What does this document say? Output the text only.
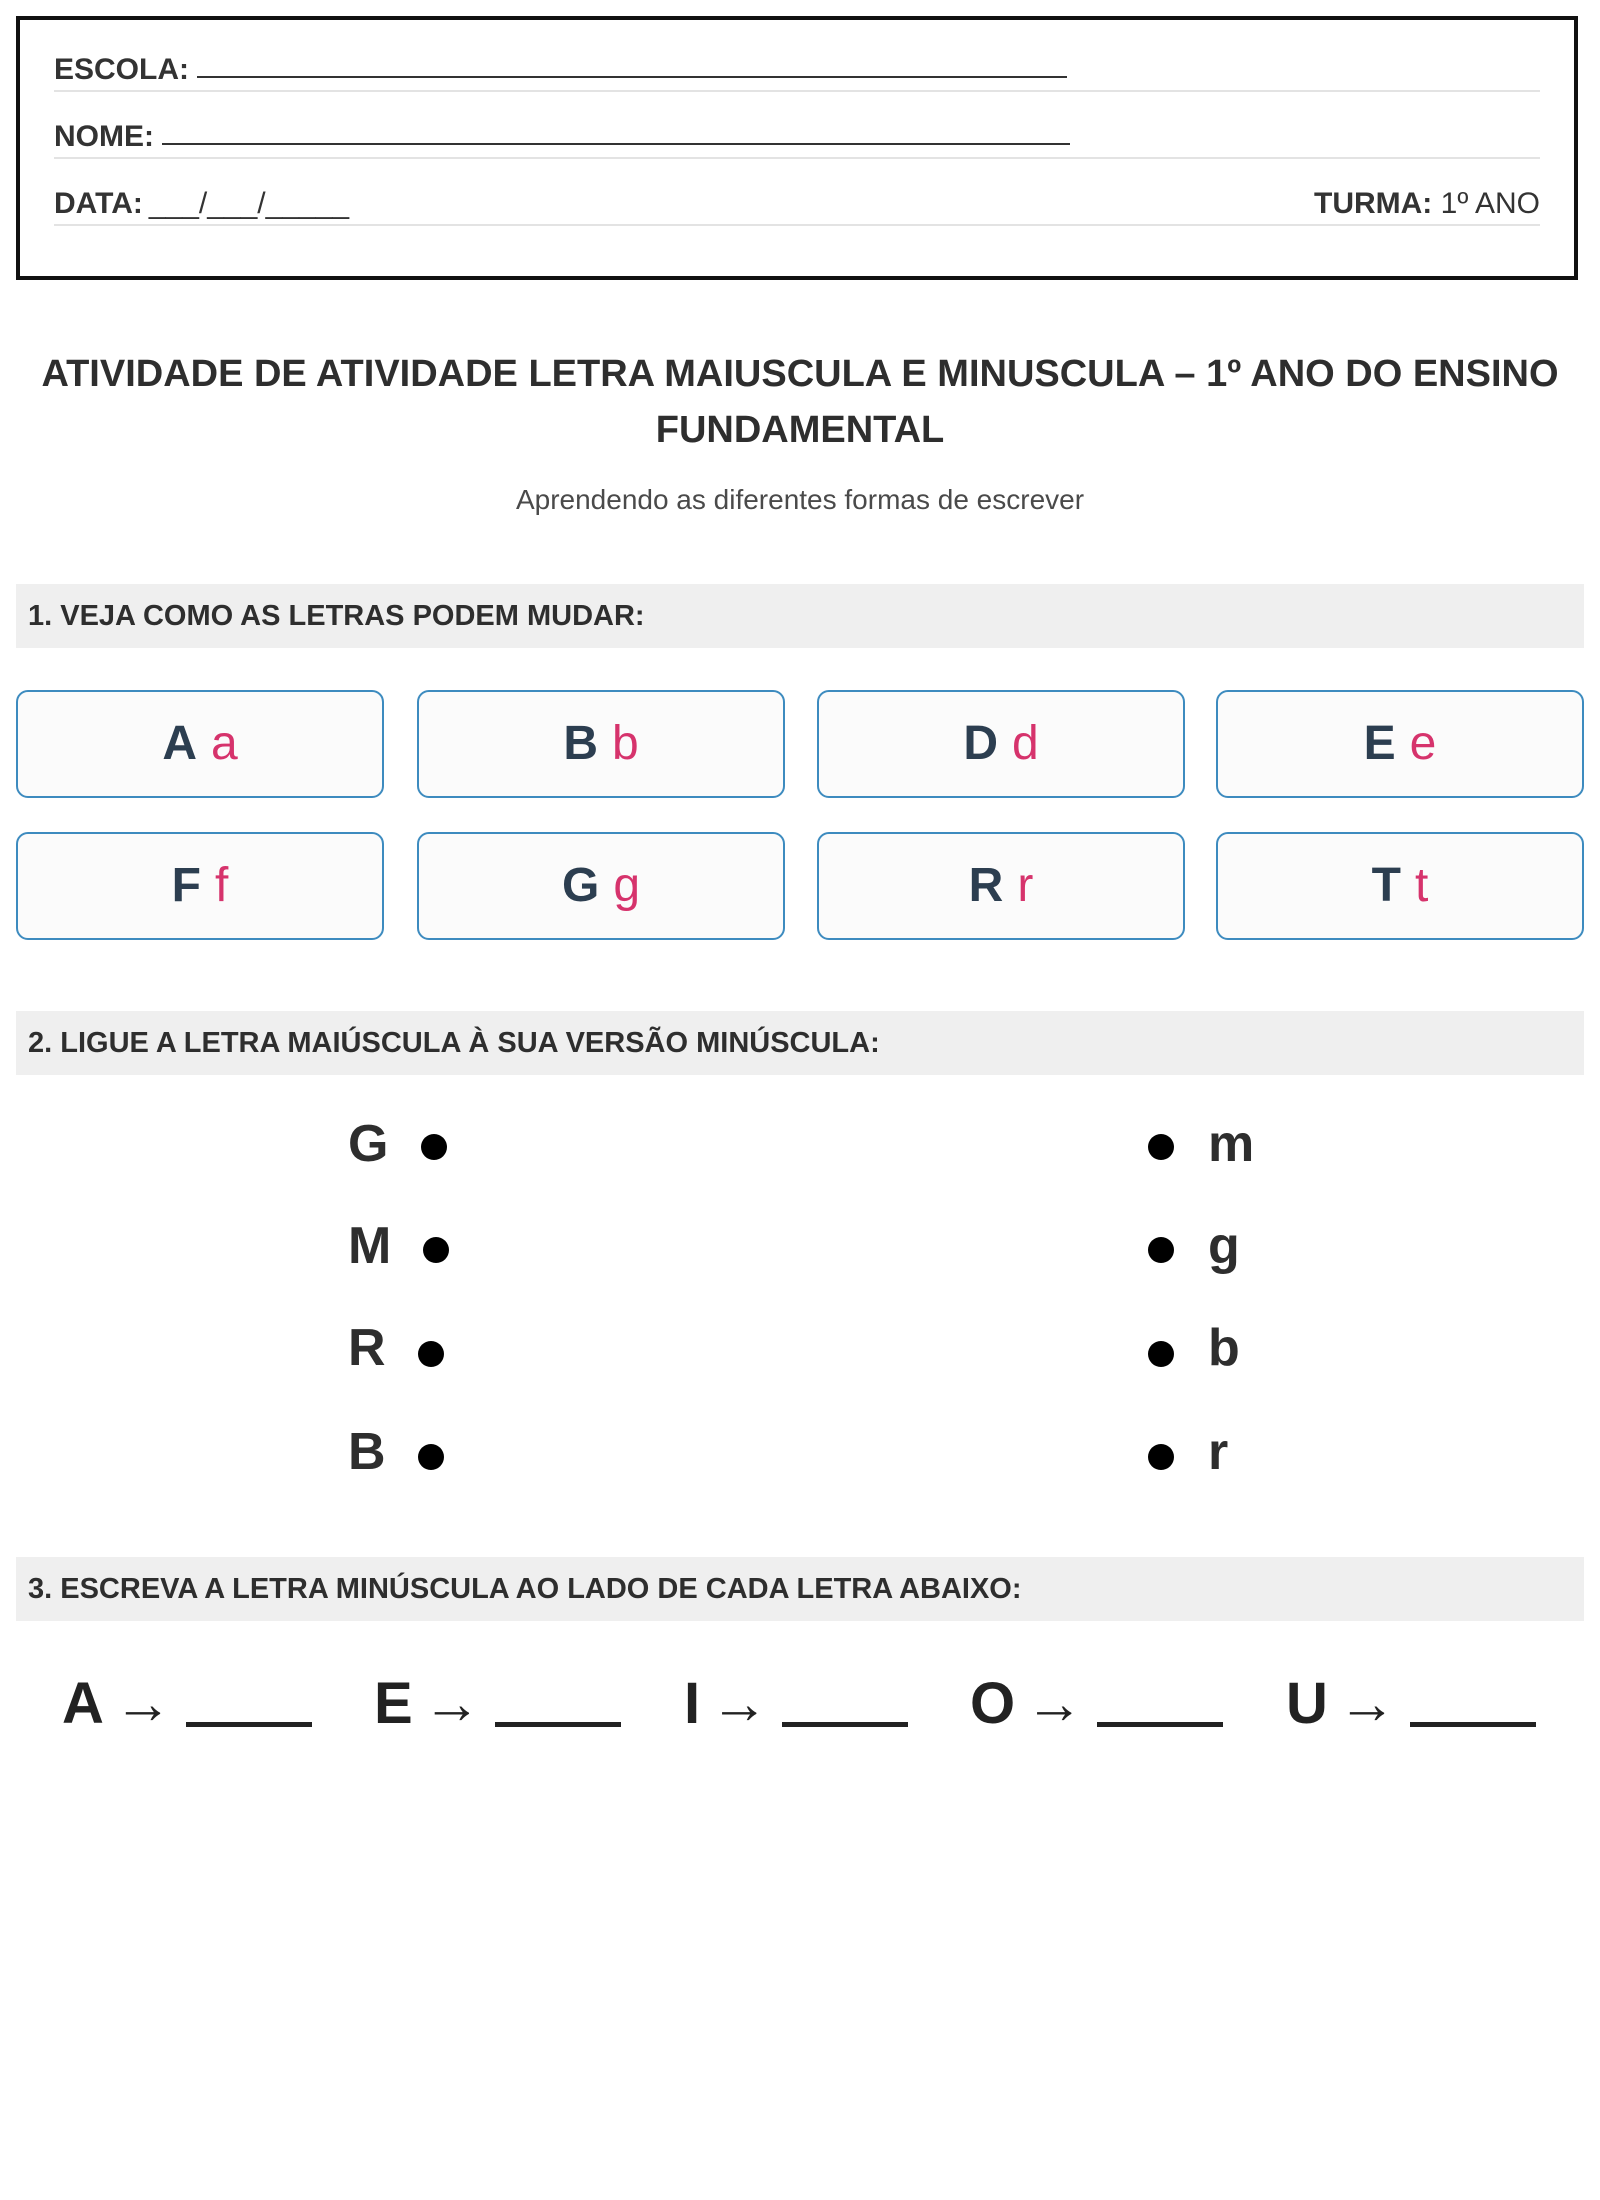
ESCOLA:
NOME:
DATA: ___/___/_____	TURMA: 1º ANO
ATIVIDADE DE ATIVIDADE LETRA MAIUSCULA E MINUSCULA – 1º ANO DO ENSINO FUNDAMENTAL
Aprendendo as diferentes formas de escrever
1. VEJA COMO AS LETRAS PODEM MUDAR:
A a	B b	D d	E e
F f	G g	R r	T t
2. LIGUE A LETRA MAIÚSCULA À SUA VERSÃO MINÚSCULA:
G
M
R
B
m
g
b
r
3. ESCREVA A LETRA MINÚSCULA AO LADO DE CADA LETRA ABAIXO:
A →	E →	I →	O →	U →
